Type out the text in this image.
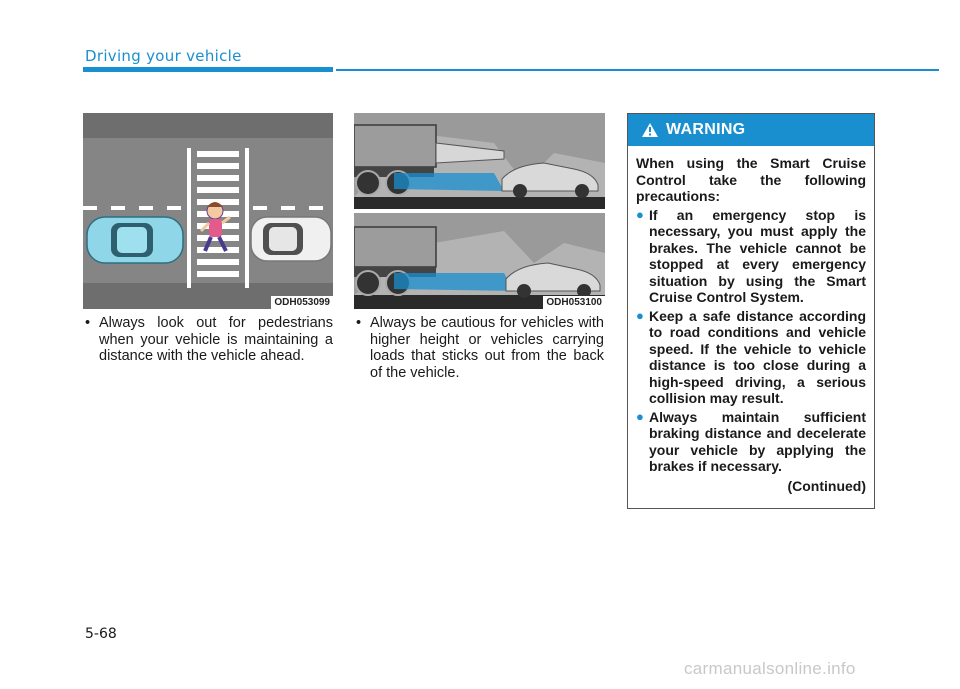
Driving your vehicle
ODH053099	ODH053100
• Always look out for pedestrians when your vehicle is maintaining a distance with the vehicle ahead.
• Always be cautious for vehicles with higher height or vehicles carrying loads that sticks out from the back of the vehicle.
WARNING

When using the Smart Cruise Control take the following precautions:

● If an emergency stop is necessary, you must apply the brakes. The vehicle cannot be stopped at every emergency situation by using the Smart Cruise Control System.
● Keep a safe distance according to road conditions and vehicle speed. If the vehicle to vehicle distance is too close during a high-speed driving, a serious collision may result.
● Always maintain sufficient braking distance and decelerate your vehicle by applying the brakes if necessary.
(Continued)
5-68
carmanualsonline.info
